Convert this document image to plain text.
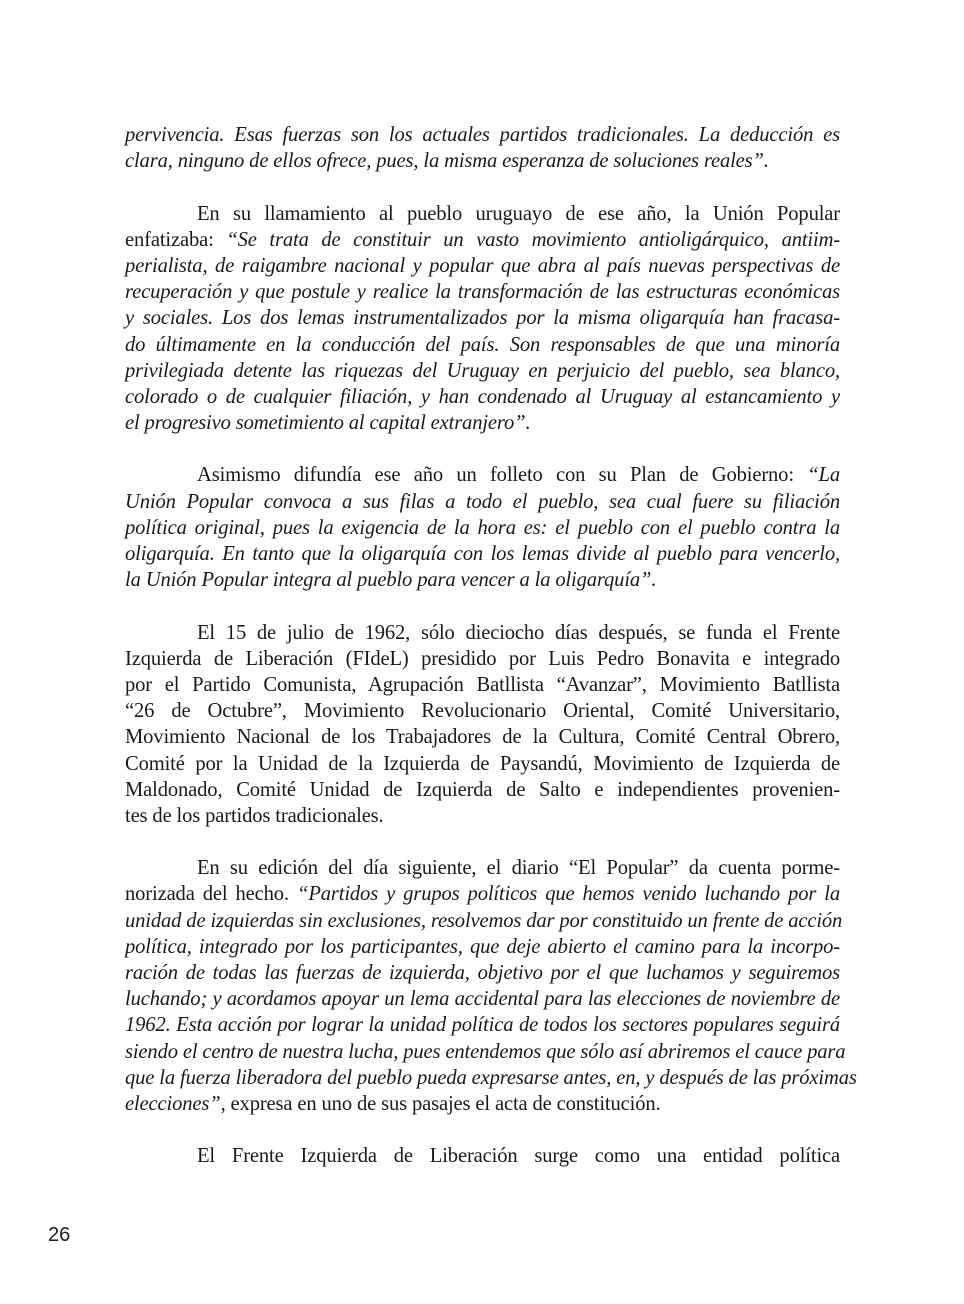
pervivencia. Esas fuerzas son los actuales partidos tradicionales. La deducción es
clara, ninguno de ellos ofrece, pues, la misma esperanza de soluciones reales”.
En su llamamiento al pueblo uruguayo de ese año, la Unión Popular
enfatizaba: “Se trata de constituir un vasto movimiento antioligárquico, antiim-
perialista, de raigambre nacional y popular que abra al país nuevas perspectivas de
recuperación y que postule y realice la transformación de las estructuras económicas
y sociales. Los dos lemas instrumentalizados por la misma oligarquía han fracasa-
do últimamente en la conducción del país. Son responsables de que una minoría
privilegiada detente las riquezas del Uruguay en perjuicio del pueblo, sea blanco,
colorado o de cualquier filiación, y han condenado al Uruguay al estancamiento y
el progresivo sometimiento al capital extranjero”.
Asimismo difundía ese año un folleto con su Plan de Gobierno: “La
Unión Popular convoca a sus filas a todo el pueblo, sea cual fuere su filiación
política original, pues la exigencia de la hora es: el pueblo con el pueblo contra la
oligarquía. En tanto que la oligarquía con los lemas divide al pueblo para vencerlo,
la Unión Popular integra al pueblo para vencer a la oligarquía”.
El 15 de julio de 1962, sólo dieciocho días después, se funda el Frente
Izquierda de Liberación (FIdeL) presidido por Luis Pedro Bonavita e integrado
por el Partido Comunista, Agrupación Batllista “Avanzar”, Movimiento Batllista
“26 de Octubre”, Movimiento Revolucionario Oriental, Comité Universitario,
Movimiento Nacional de los Trabajadores de la Cultura, Comité Central Obrero,
Comité por la Unidad de la Izquierda de Paysandú, Movimiento de Izquierda de
Maldonado, Comité Unidad de Izquierda de Salto e independientes provenien-
tes de los partidos tradicionales.
En su edición del día siguiente, el diario “El Popular” da cuenta porme-
norizada del hecho. “Partidos y grupos políticos que hemos venido luchando por la
unidad de izquierdas sin exclusiones, resolvemos dar por constituido un frente de acción
política, integrado por los participantes, que deje abierto el camino para la incorpo-
ración de todas las fuerzas de izquierda, objetivo por el que luchamos y seguiremos
luchando; y acordamos apoyar un lema accidental para las elecciones de noviembre de
1962. Esta acción por lograr la unidad política de todos los sectores populares seguirá
siendo el centro de nuestra lucha, pues entendemos que sólo así abriremos el cauce para
que la fuerza liberadora del pueblo pueda expresarse antes, en, y después de las próximas
elecciones”, expresa en uno de sus pasajes el acta de constitución.
El Frente Izquierda de Liberación surge como una entidad política
26
